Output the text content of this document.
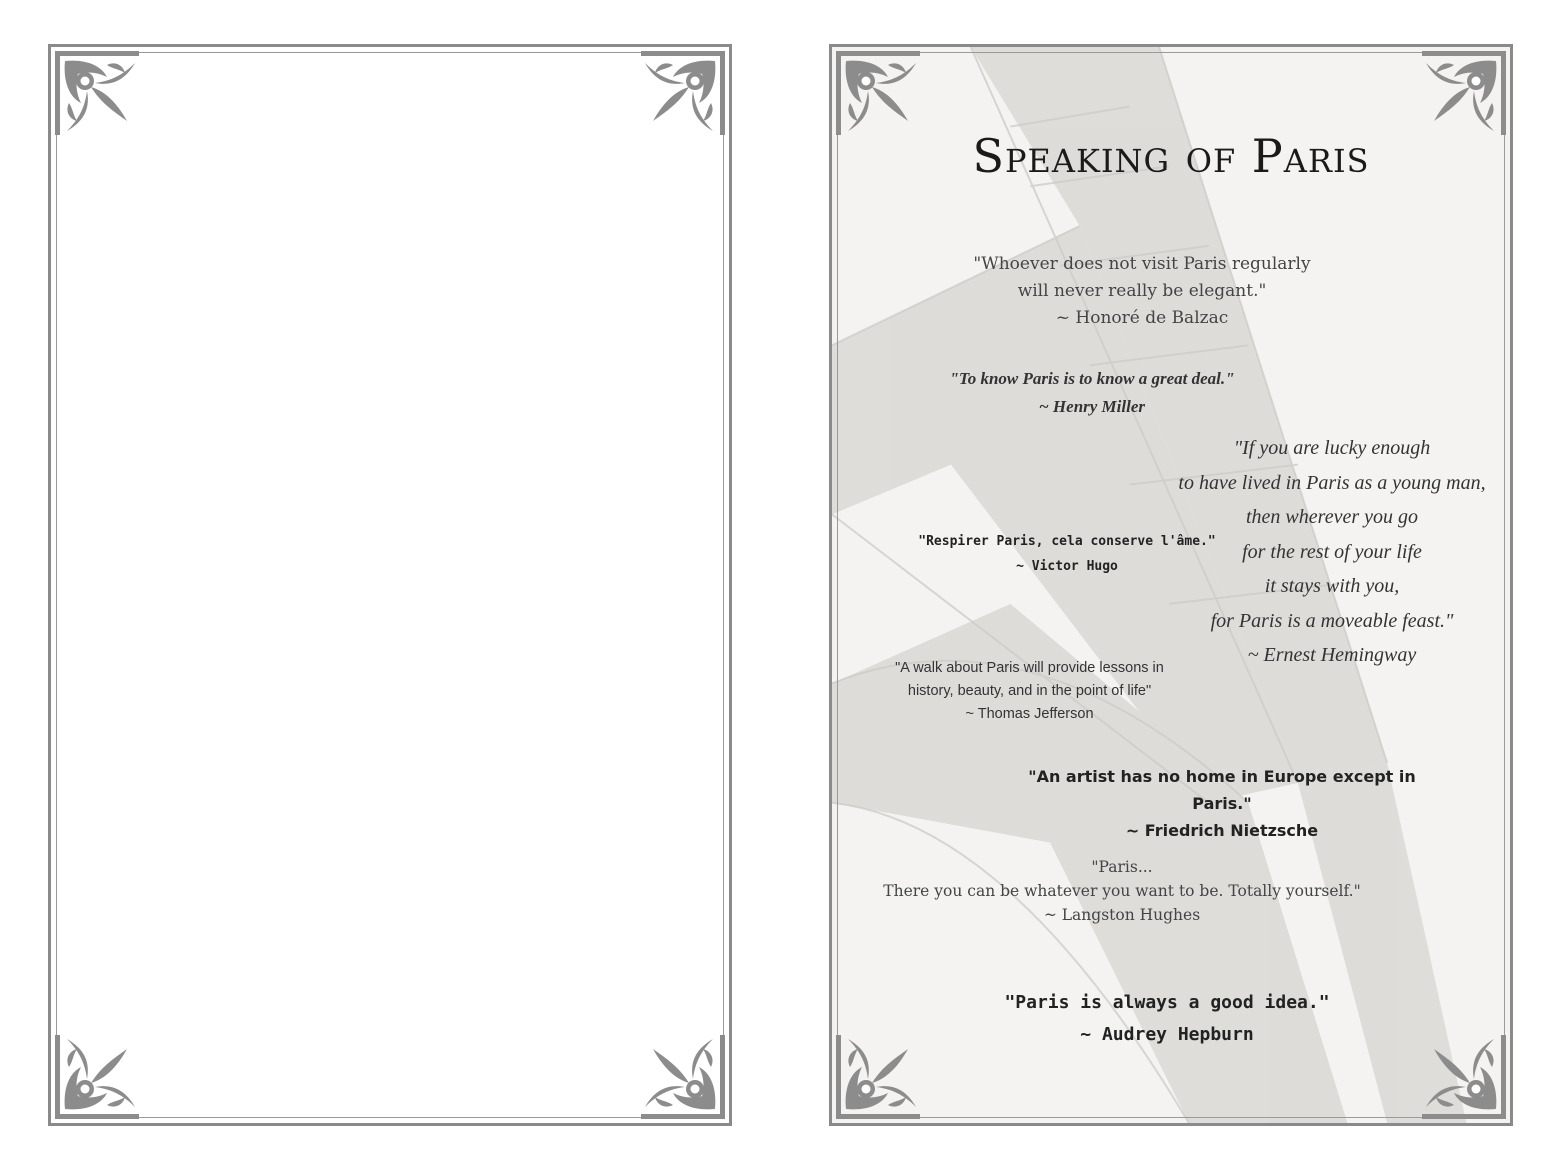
Speaking of Paris
"Whoever does not visit Paris regularly
will never really be elegant."
~ Honoré de Balzac
"To know Paris is to know a great deal."
~ Henry Miller
"If you are lucky enough
to have lived in Paris as a young man,
then wherever you go
for the rest of your life
it stays with you,
for Paris is a moveable feast."
~ Ernest Hemingway
"Respirer Paris, cela conserve l'âme."
~ Victor Hugo
"A walk about Paris will provide lessons in
history, beauty, and in the point of life"
~ Thomas Jefferson
"An artist has no home in Europe except in Paris."
~ Friedrich Nietzsche
"Paris...
There you can be whatever you want to be. Totally yourself."
~ Langston Hughes
"Paris is always a good idea."
~ Audrey Hepburn
